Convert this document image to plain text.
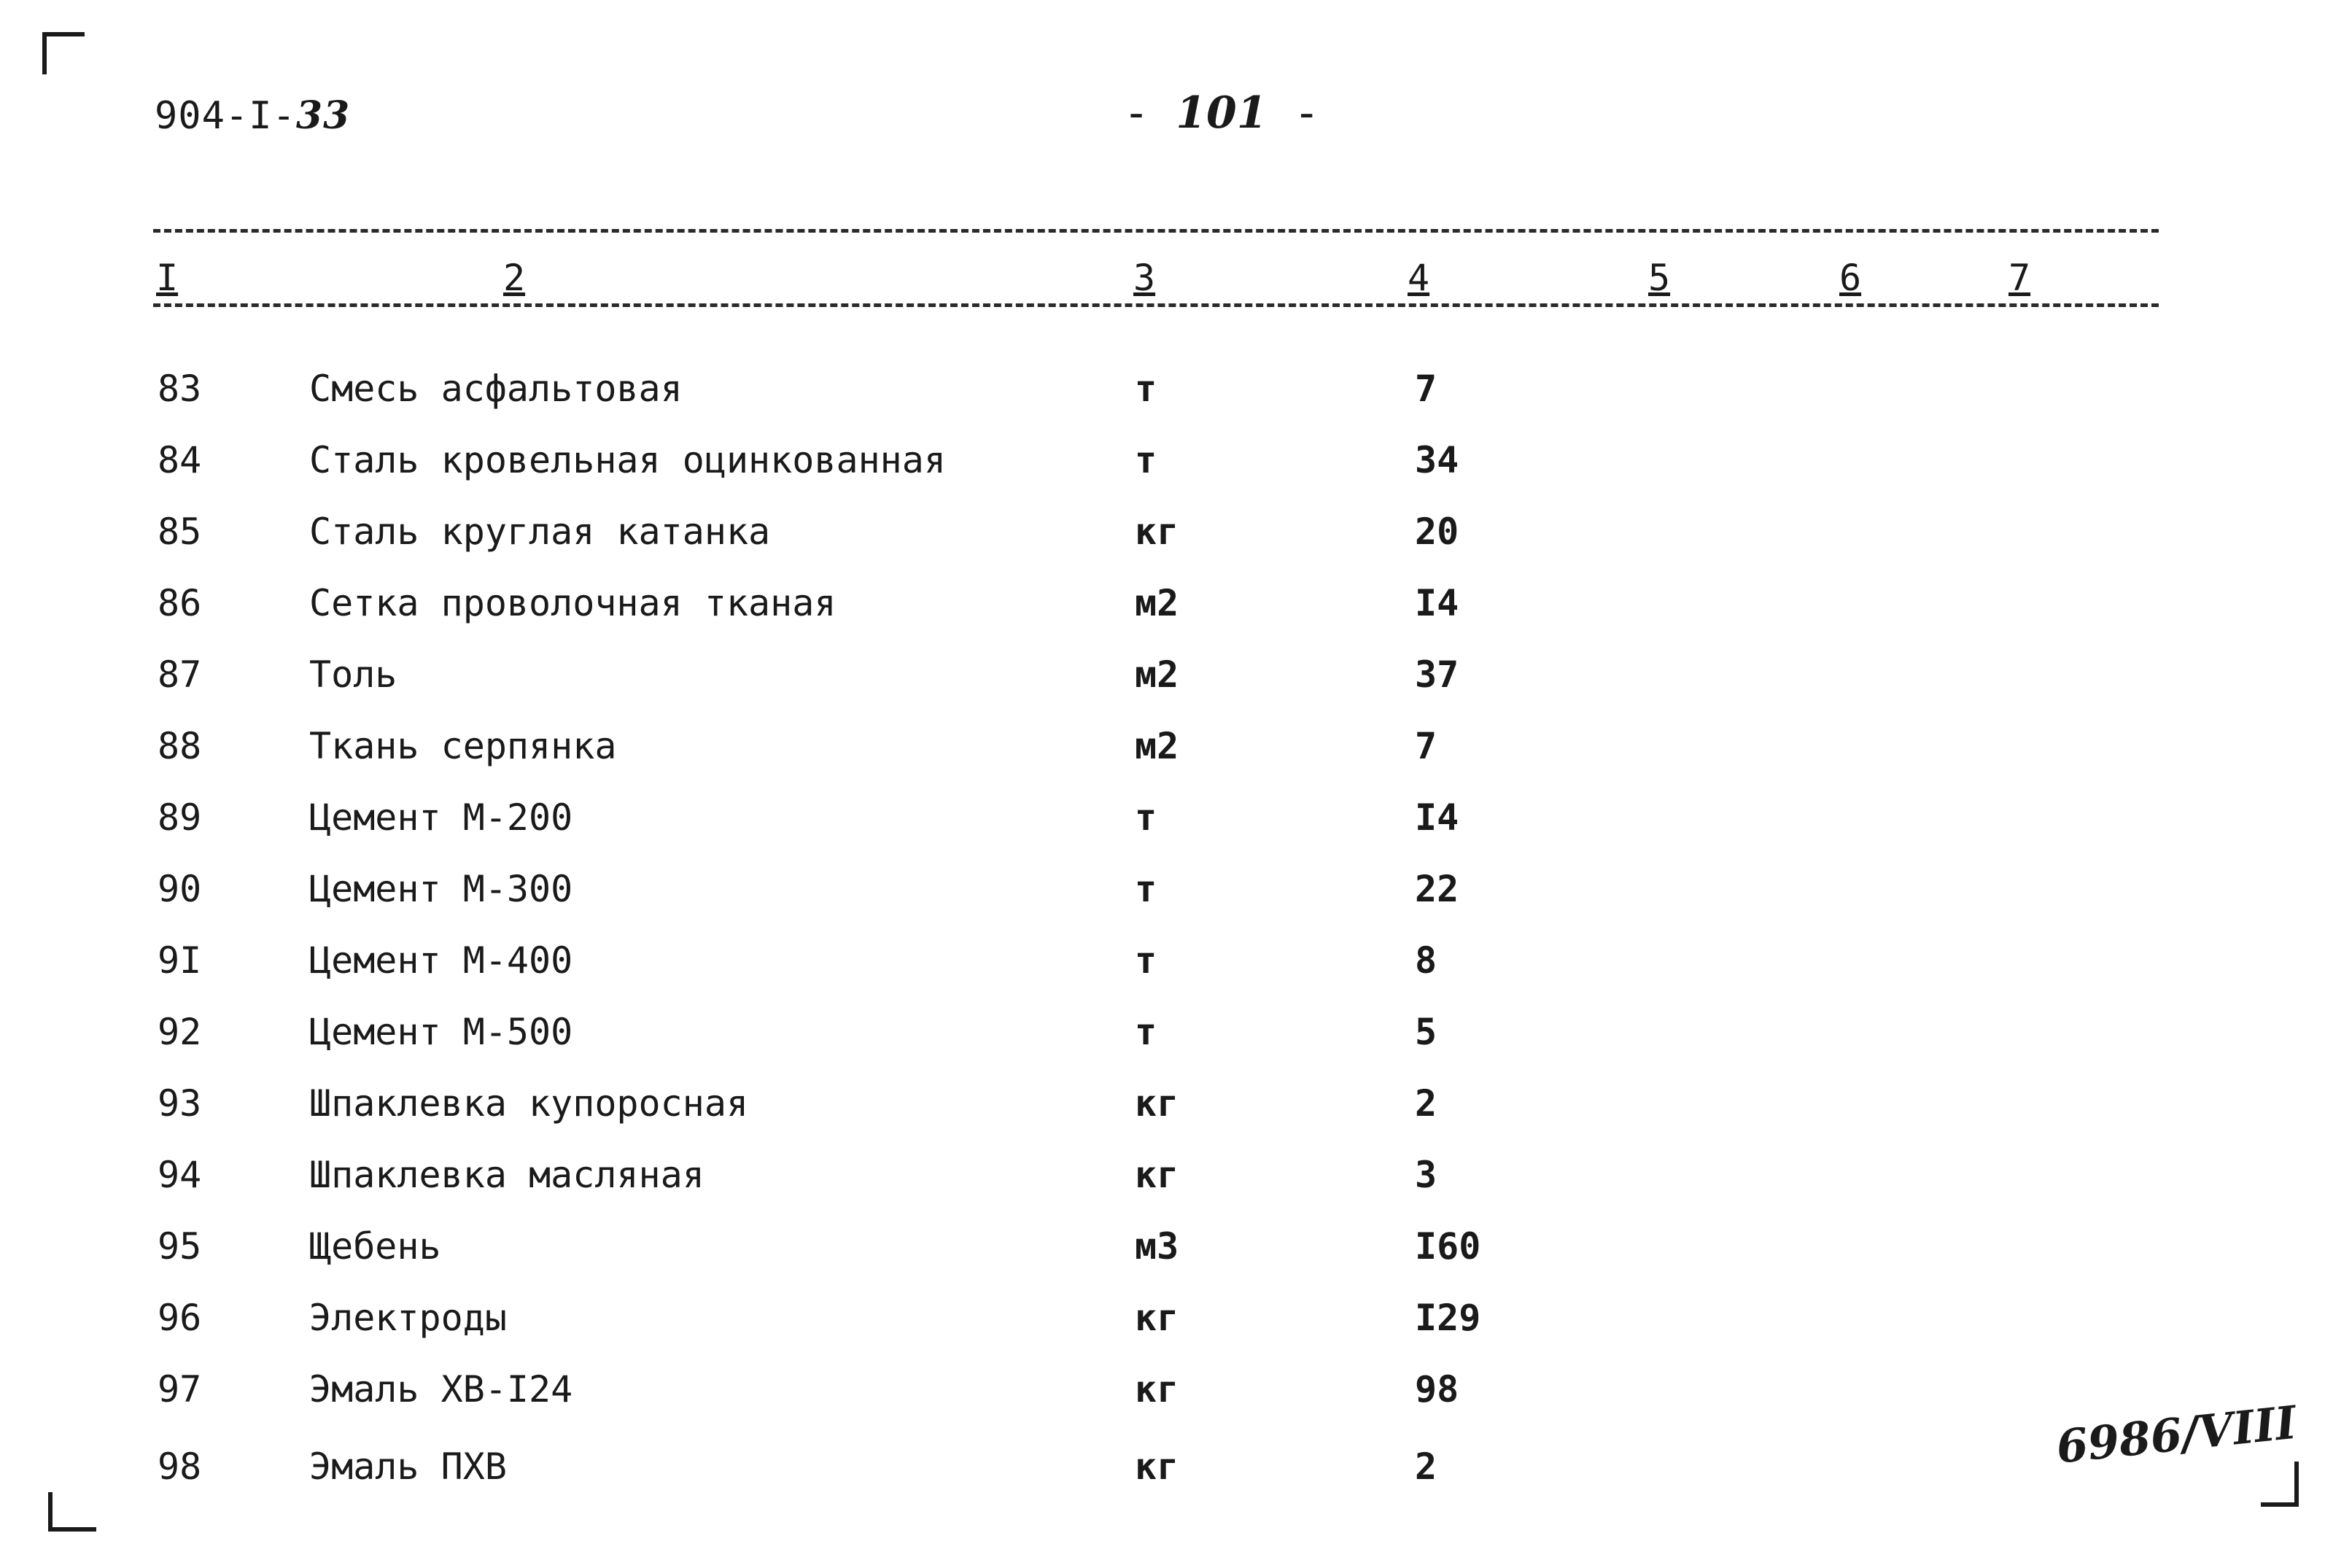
904-I-33	- 101 -
I	2	3	4	5	6	7
83	Смесь асфальтовая	т	7
84	Сталь кровельная оцинкованная	т	34
85	Сталь круглая катанка	кг	20
86	Сетка проволочная тканая	м2	I4
87	Толь	м2	37
88	Ткань серпянка	м2	7
89	Цемент М-200	т	I4
90	Цемент М-300	т	22
9I	Цемент М-400	т	8
92	Цемент М-500	т	5
93	Шпаклевка купоросная	кг	2
94	Шпаклевка масляная	кг	3
95	Щебень	м3	I60
96	Электроды	кг	I29
97	Эмаль ХВ-I24	кг	98
98	Эмаль ПХВ	кг	2	6986/VIII
